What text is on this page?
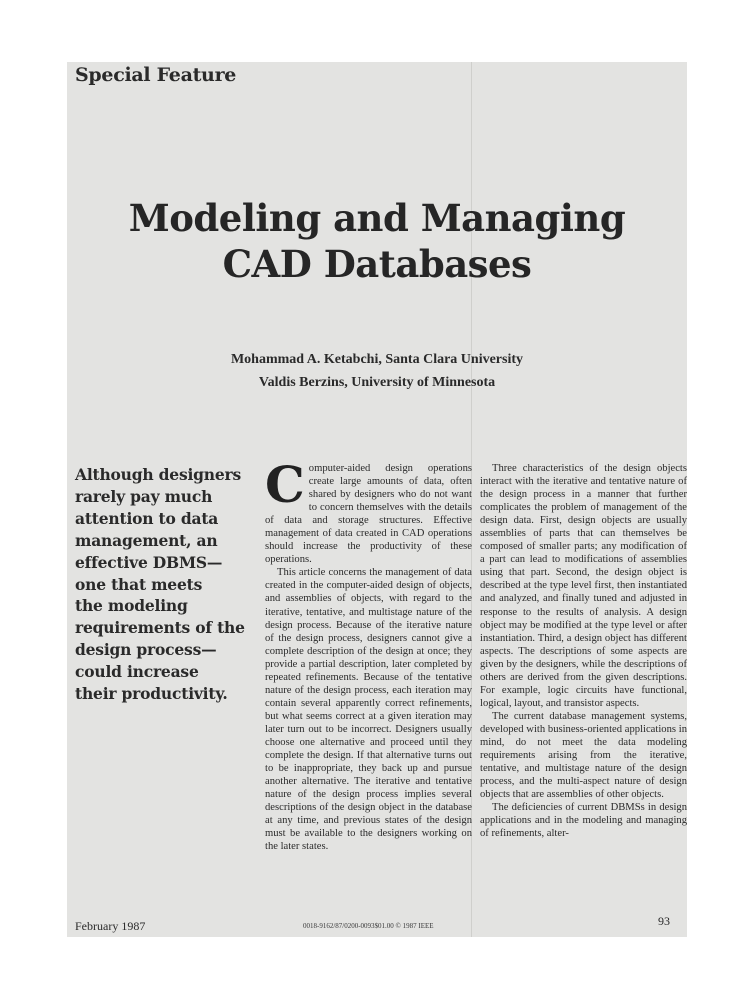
Special Feature
Modeling and Managing
CAD Databases
Mohammad A. Ketabchi, Santa Clara University
Valdis Berzins, University of Minnesota
Although designers
rarely pay much
attention to data
management, an
effective DBMS—
one that meets
the modeling
requirements of the
design process—
could increase
their productivity.

Computer-aided design operations create large amounts of data, often shared by designers who do not want to concern themselves with the details of data and storage structures. Effective management of data created in CAD operations should increase the productivity of these operations.

This article concerns the management of data created in the computer-aided design of objects, and assemblies of objects, with regard to the iterative, tentative, and multistage nature of the design process. Because of the iterative nature of the design process, designers cannot give a complete description of the design at once; they provide a partial description, later completed by repeated refinements. Because of the tentative nature of the design process, each iteration may contain several apparently correct refinements, but what seems correct at a given iteration may later turn out to be incorrect. Designers usually choose one alternative and proceed until they complete the design. If that alternative turns out to be inappropriate, they back up and pursue another alternative. The iterative and tentative nature of the design process implies several descriptions of the design object in the database at any time, and previous states of the design must be available to the designers working on the later states.

Three characteristics of the design objects interact with the iterative and tentative nature of the design process in a manner that further complicates the problem of management of the design data. First, design objects are usually assemblies of parts that can themselves be composed of smaller parts; any modification of a part can lead to modifications of assemblies using that part. Second, the design object is described at the type level first, then instantiated and analyzed, and finally tuned and adjusted in response to the results of analysis. A design object may be modified at the type level or after instantiation. Third, a design object has different aspects. The descriptions of some aspects are given by the designers, while the descriptions of others are derived from the given descriptions. For example, logic circuits have functional, logical, layout, and transistor aspects.

The current database management systems, developed with business-oriented applications in mind, do not meet the data modeling requirements arising from the iterative, tentative, and multistage nature of the design process, and the multi-aspect nature of design objects that are assemblies of other objects.

The deficiencies of current DBMSs in design applications and in the modeling and managing of refinements, alter-

February 1987	0018-9162/87/0200-0093$01.00 © 1987 IEEE	93
